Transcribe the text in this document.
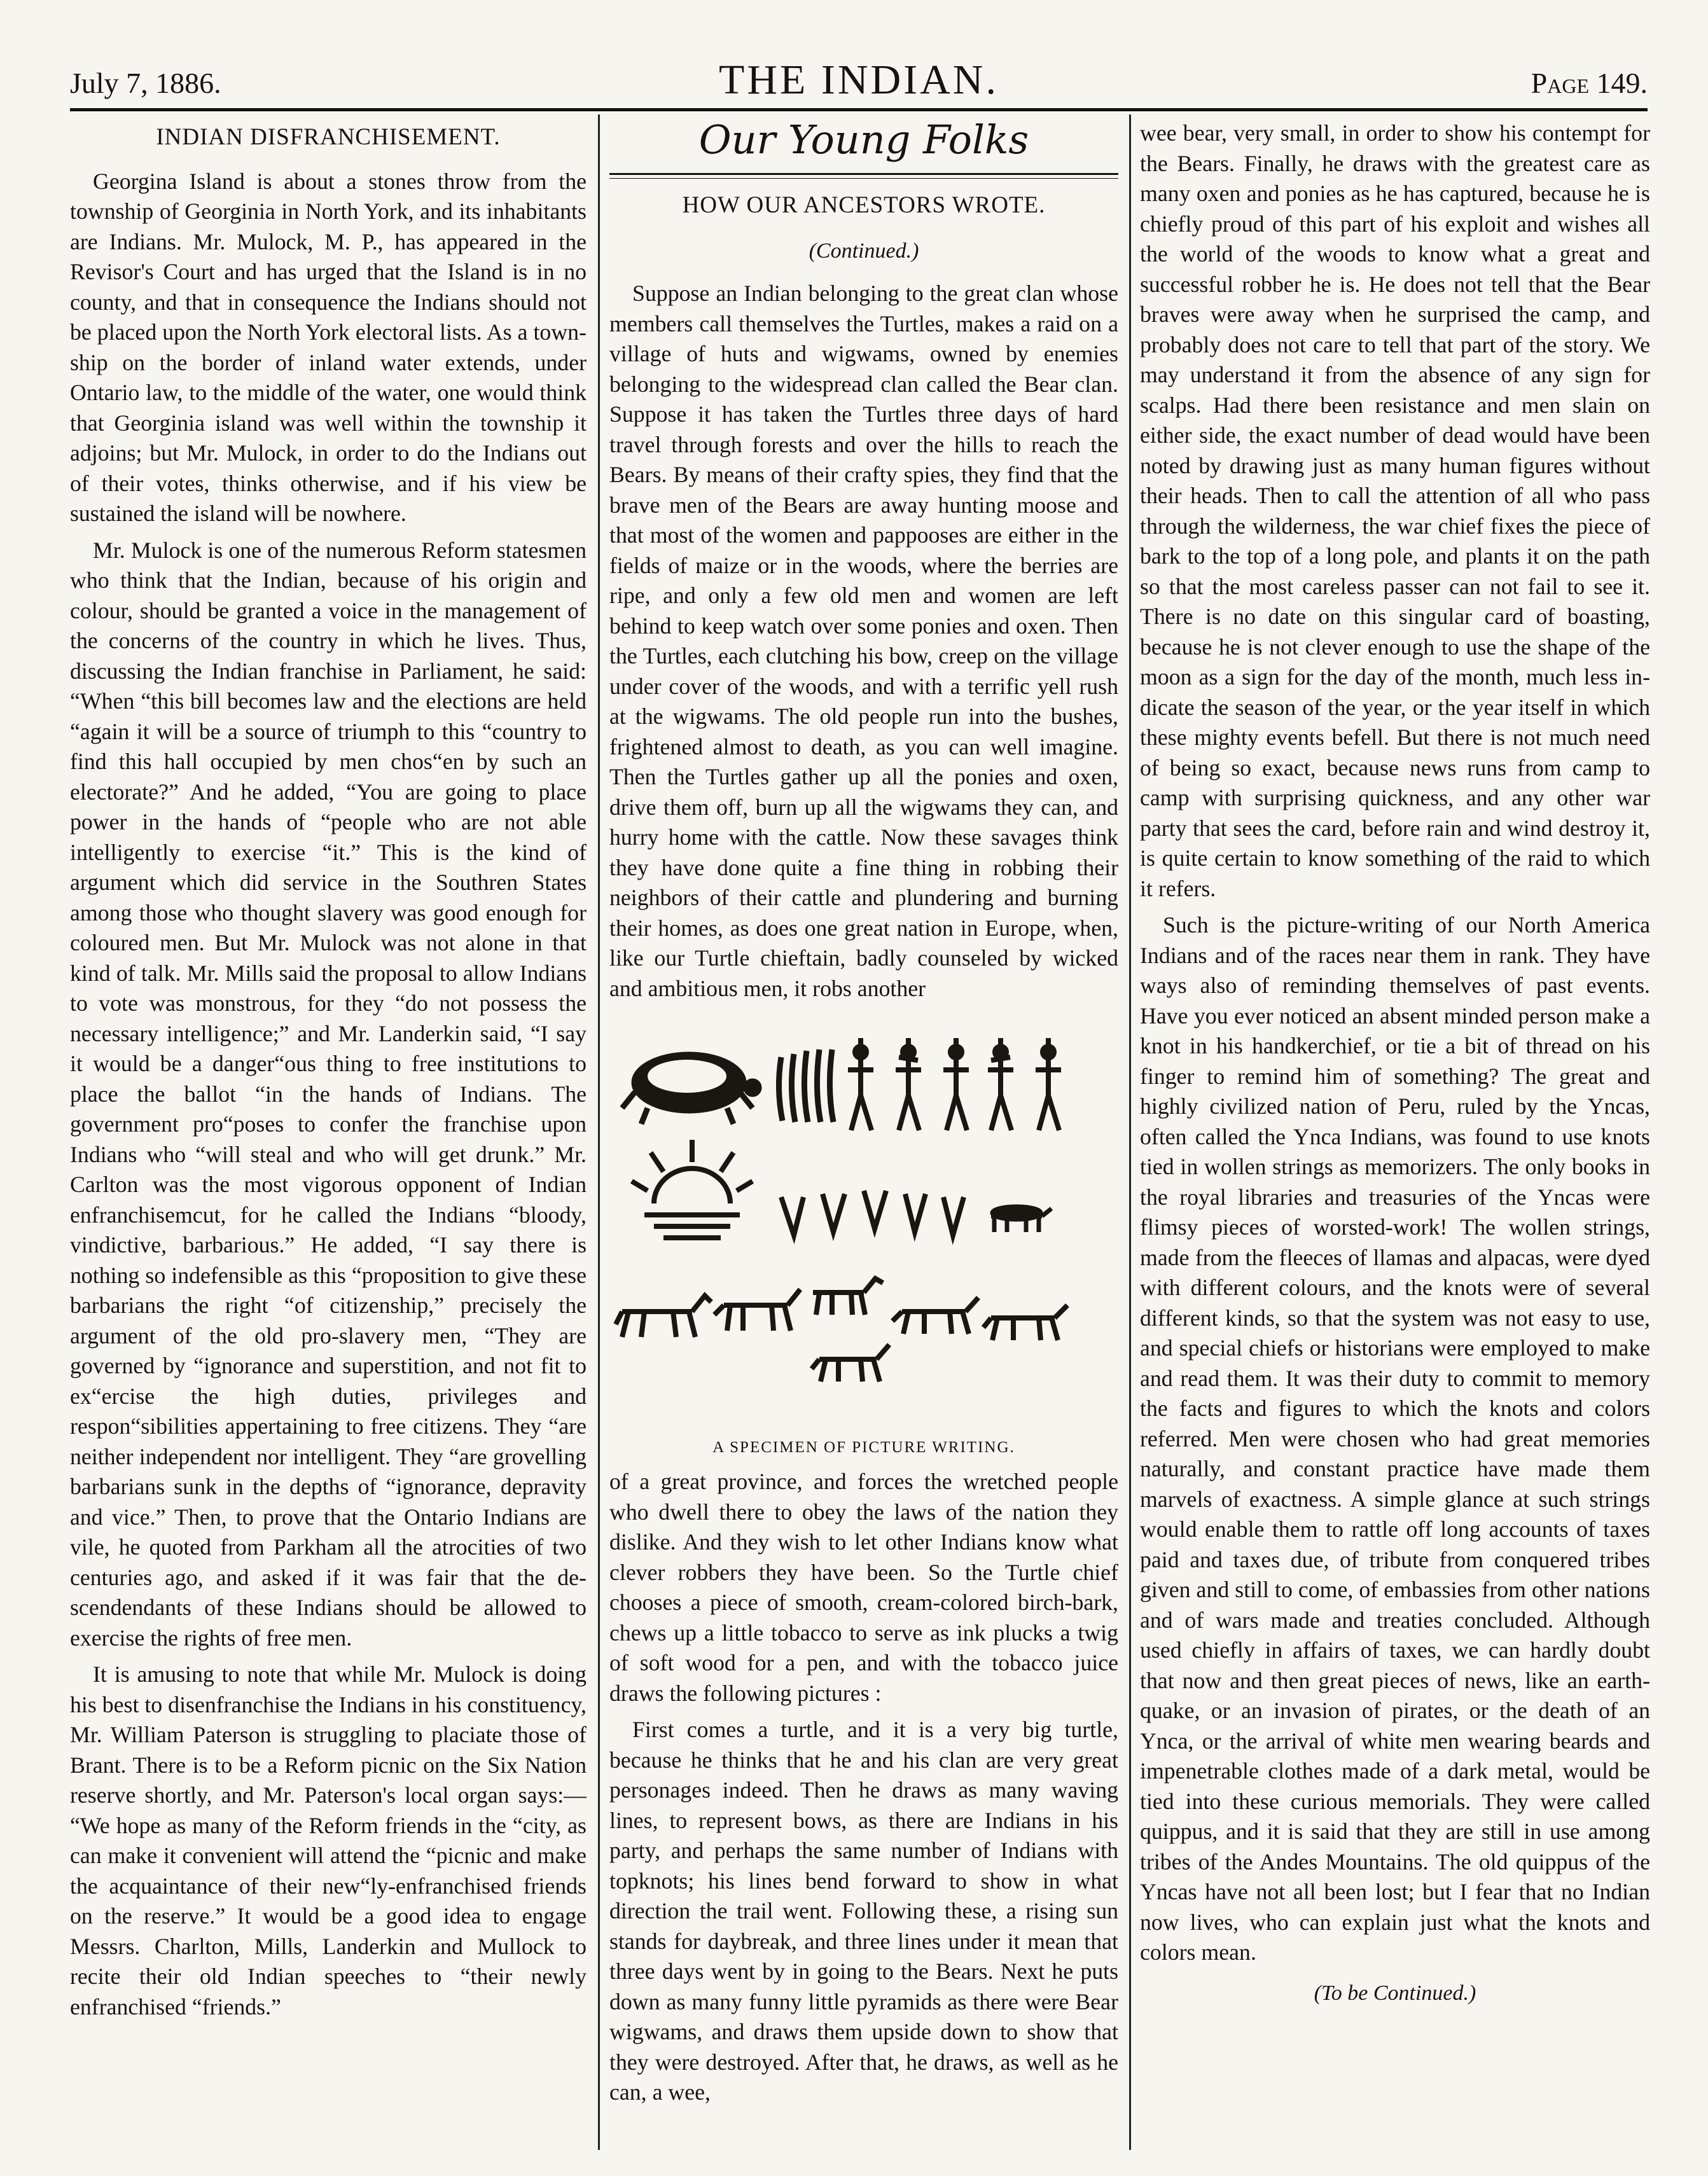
July 7, 1886.	THE INDIAN.	Page 149.
INDIAN DISFRANCHISEMENT.

Georgina Island is about a stones throw from the township of Georginia in North York, and its inhabitants are Indians. Mr. Mulock, M. P., has appeared in the Revisor's Court and has urged that the Island is in no county, and that in consequence the Indians should not be placed upon the North York electoral lists. As a township on the border of inland water extends, under Ontario law, to the middle of the water, one would think that Georginia island was well within the township it adjoins; but Mr. Mulock, in order to do the Indians out of their votes, thinks otherwise, and if his view be sustained the island will be nowhere.

Mr. Mulock is one of the numerous Reform statesmen who think that the Indian, because of his origin and colour, should be granted a voice in the management of the concerns of the country in which he lives. Thus, discussing the Indian franchise in Parliament, he said: “When “this bill becomes law and the elections are held “again it will be a source of triumph to this “country to find this hall occupied by men chos“en by such an electorate?” And he added, “You are going to place power in the hands of “people who are not able intelligently to exercise “it.” This is the kind of argument which did service in the Southren States among those who thought slavery was good enough for coloured men. But Mr. Mulock was not alone in that kind of talk. Mr. Mills said the proposal to allow Indians to vote was monstrous, for they “do not possess the necessary intelligence;” and Mr. Landerkin said, “I say it would be a danger“ous thing to free institutions to place the ballot “in the hands of Indians. The government pro“poses to confer the franchise upon Indians who “will steal and who will get drunk.” Mr. Carlton was the most vigorous opponent of Indian enfranchisemcut, for he called the Indians “bloody, vindictive, barbarious.” He added, “I say there is nothing so indefensible as this “proposition to give these barbarians the right “of citizenship,” precisely the argument of the old pro-slavery men, “They are governed by “ignorance and superstition, and not fit to ex“ercise the high duties, privileges and respon“sibilities appertaining to free citizens. They “are neither independent nor intelligent. They “are grovelling barbarians sunk in the depths of “ignorance, depravity and vice.” Then, to prove that the Ontario Indians are vile, he quoted from Parkham all the atrocities of two centuries ago, and asked if it was fair that the descendendants of these Indians should be allowed to exercise the rights of free men.

It is amusing to note that while Mr. Mulock is doing his best to disenfranchise the Indians in his constituency, Mr. William Paterson is struggling to placiate those of Brant. There is to be a Reform picnic on the Six Nation reserve shortly, and Mr. Paterson's local organ says:— “We hope as many of the Reform friends in the “city, as can make it convenient will attend the “picnic and make the acquaintance of their new“ly-enfranchised friends on the reserve.” It would be a good idea to engage Messrs. Charlton, Mills, Landerkin and Mullock to recite their old Indian speeches to “their newly enfranchised “friends.”

Our Young Folks
HOW OUR ANCESTORS WROTE.
(Continued.)

Suppose an Indian belonging to the great clan whose members call themselves the Turtles, makes a raid on a village of huts and wigwams, owned by enemies belonging to the widespread clan called the Bear clan. Suppose it has taken the Turtles three days of hard travel through forests and over the hills to reach the Bears. By means of their crafty spies, they find that the brave men of the Bears are away hunting moose and that most of the women and pappooses are either in the fields of maize or in the woods, where the berries are ripe, and only a few old men and women are left behind to keep watch over some ponies and oxen. Then the Turtles, each clutching his bow, creep on the village under cover of the woods, and with a terrific yell rush at the wigwams. The old people run into the bushes, frightened almost to death, as you can well imagine. Then the Turtles gather up all the ponies and oxen, drive them off, burn up all the wigwams they can, and hurry home with the cattle. Now these savages think they have done quite a fine thing in robbing their neighbors of their cattle and plundering and burning their homes, as does one great nation in Europe, when, like our Turtle chieftain, badly counseled by wicked and ambitious men, it robs another

A SPECIMEN OF PICTURE WRITING.

of a great province, and forces the wretched people who dwell there to obey the laws of the nation they dislike. And they wish to let other Indians know what clever robbers they have been. So the Turtle chief chooses a piece of smooth, cream-colored birch-bark, chews up a little tobacco to serve as ink plucks a twig of soft wood for a pen, and with the tobacco juice draws the following pictures :

First comes a turtle, and it is a very big turtle, because he thinks that he and his clan are very great personages indeed. Then he draws as many waving lines, to represent bows, as there are Indians in his party, and perhaps the same number of Indians with topknots; his lines bend forward to show in what direction the trail went. Following these, a rising sun stands for daybreak, and three lines under it mean that three days went by in going to the Bears. Next he puts down as many funny little pyramids as there were Bear wigwams, and draws them upside down to show that they were destroyed. After that, he draws, as well as he can, a wee,

wee bear, very small, in order to show his contempt for the Bears. Finally, he draws with the greatest care as many oxen and ponies as he has captured, because he is chiefly proud of this part of his exploit and wishes all the world of the woods to know what a great and successful robber he is. He does not tell that the Bear braves were away when he surprised the camp, and probably does not care to tell that part of the story. We may understand it from the absence of any sign for scalps. Had there been resistance and men slain on either side, the exact number of dead would have been noted by drawing just as many human figures without their heads. Then to call the attention of all who pass through the wilderness, the war chief fixes the piece of bark to the top of a long pole, and plants it on the path so that the most careless passer can not fail to see it. There is no date on this singular card of boasting, because he is not clever enough to use the shape of the moon as a sign for the day of the month, much less indicate the season of the year, or the year itself in which these mighty events befell. But there is not much need of being so exact, because news runs from camp to camp with surprising quickness, and any other war party that sees the card, before rain and wind destroy it, is quite certain to know something of the raid to which it refers.

Such is the picture-writing of our North America Indians and of the races near them in rank. They have ways also of reminding themselves of past events. Have you ever noticed an absent minded person make a knot in his handkerchief, or tie a bit of thread on his finger to remind him of something? The great and highly civilized nation of Peru, ruled by the Yncas, often called the Ynca Indians, was found to use knots tied in wollen strings as memorizers. The only books in the royal libraries and treasuries of the Yncas were flimsy pieces of worsted-work! The wollen strings, made from the fleeces of llamas and alpacas, were dyed with different colours, and the knots were of several different kinds, so that the system was not easy to use, and special chiefs or historians were employed to make and read them. It was their duty to commit to memory the facts and figures to which the knots and colors referred. Men were chosen who had great memories naturally, and constant practice have made them marvels of exactness. A simple glance at such strings would enable them to rattle off long accounts of taxes paid and taxes due, of tribute from conquered tribes given and still to come, of embassies from other nations and of wars made and treaties concluded. Although used chiefly in affairs of taxes, we can hardly doubt that now and then great pieces of news, like an earthquake, or an invasion of pirates, or the death of an Ynca, or the arrival of white men wearing beards and impenetrable clothes made of a dark metal, would be tied into these curious memorials. They were called quippus, and it is said that they are still in use among tribes of the Andes Mountains. The old quippus of the Yncas have not all been lost; but I fear that no Indian now lives, who can explain just what the knots and colors mean.

(To be Continued.)
